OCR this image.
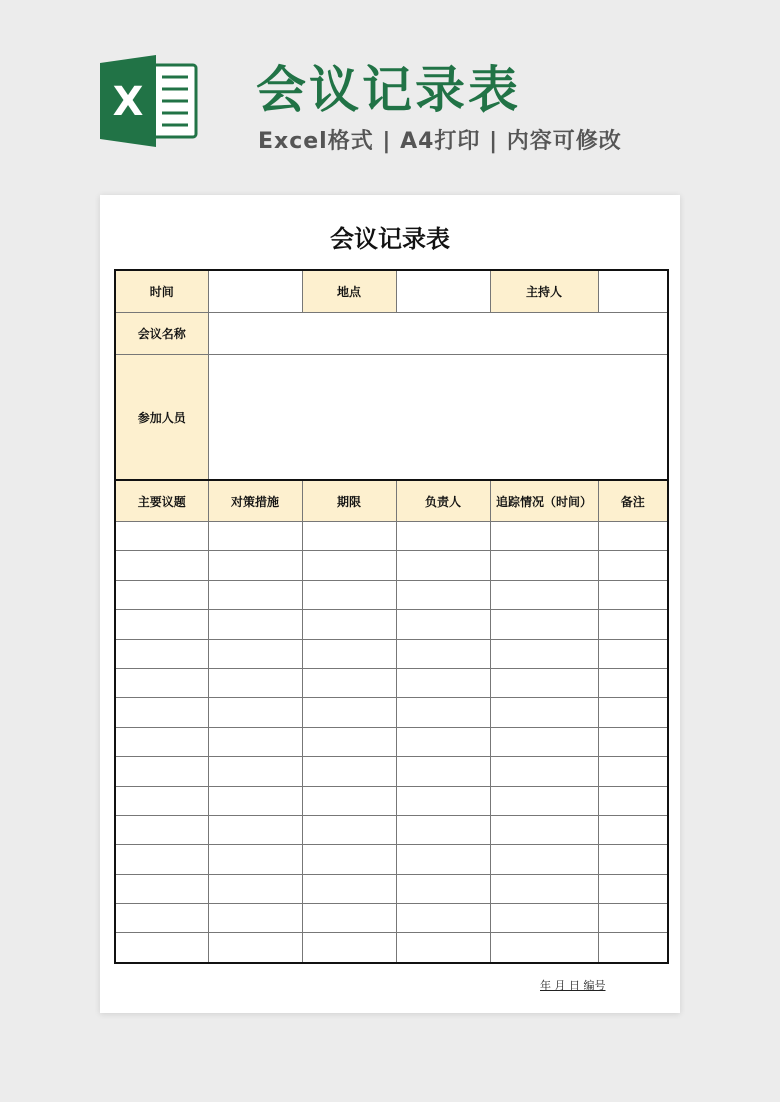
X 会议记录表
Excel格式 | A4打印 | 内容可修改
会议记录表
时间		地点		主持人	
会议名称					
参加人员					
主要议题	对策措施	期限	负责人	追踪情况（时间）	备注

年 月 日 编号
